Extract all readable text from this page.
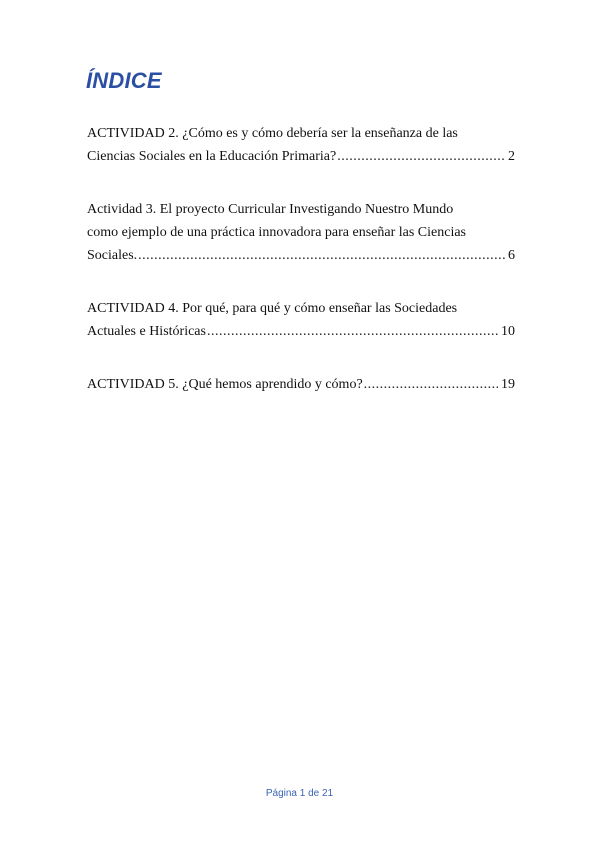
ÍNDICE
ACTIVIDAD 2. ¿Cómo es y cómo debería ser la enseñanza de las
Ciencias Sociales en la Educación Primaria? .....	2
Actividad 3. El proyecto Curricular Investigando Nuestro Mundo
como ejemplo de una práctica innovadora para enseñar las Ciencias
Sociales. .....	6
ACTIVIDAD 4. Por qué, para qué y cómo enseñar las Sociedades
Actuales e Históricas .....	10
ACTIVIDAD 5. ¿Qué hemos aprendido y cómo? .....	19
Página 1 de 21
